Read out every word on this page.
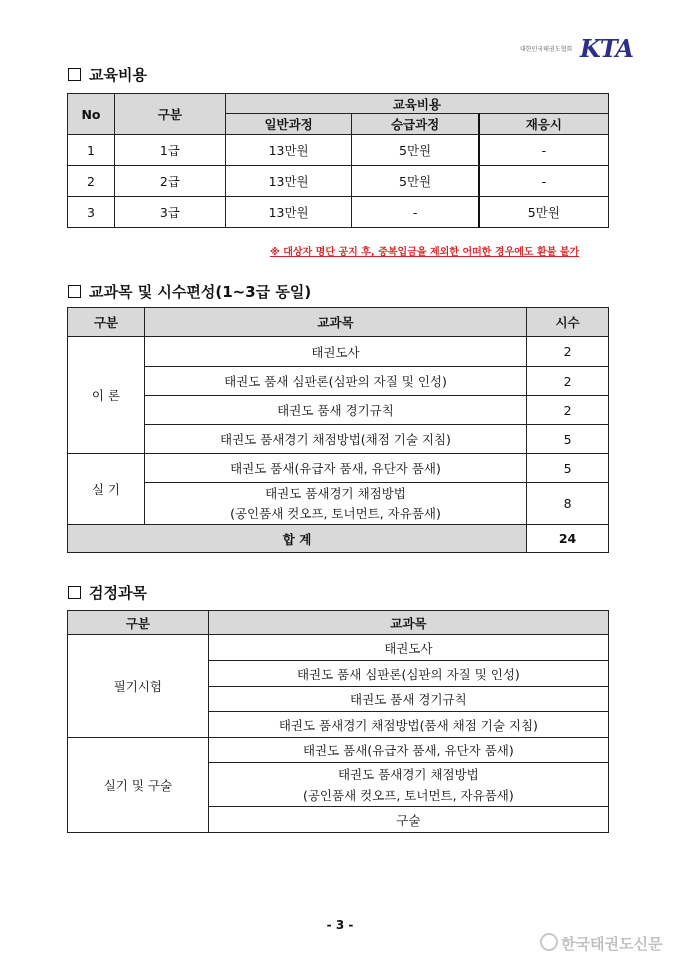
대한민국태권도협회 KTA
교육비용
No	구분	교육비용		
		일반과정	승급과정	재응시
1	1급	13만원	5만원	-
2	2급	13만원	5만원	-
3	3급	13만원	-	5만원
※ 대상자 명단 공지 후, 중복입금을 제외한 어떠한 경우에도 환불 불가
교과목 및 시수편성(1~3급 동일)
구분	교과목	시수
이 론	태권도사	2
	태권도 품새 심판론(심판의 자질 및 인성)	2
	태권도 품새 경기규칙	2
	태권도 품새경기 채점방법(채점 기술 지침)	5
실 기	태권도 품새(유급자 품새, 유단자 품새)	5

	태권도 품새경기 채점방법
(공인품새 컷오프, 토너먼트, 자유품새)	8
합 계		24
검정과목
구분	교과목
필기시험	태권도사
	태권도 품새 심판론(심판의 자질 및 인성)
	태권도 품새 경기규칙
	태권도 품새경기 채점방법(품새 채점 기술 지침)
실기 및 구술	태권도 품새(유급자 품새, 유단자 품새)

	태권도 품새경기 채점방법
(공인품새 컷오프, 토너먼트, 자유품새)

	구술
- 3 -
한국태권도신문
